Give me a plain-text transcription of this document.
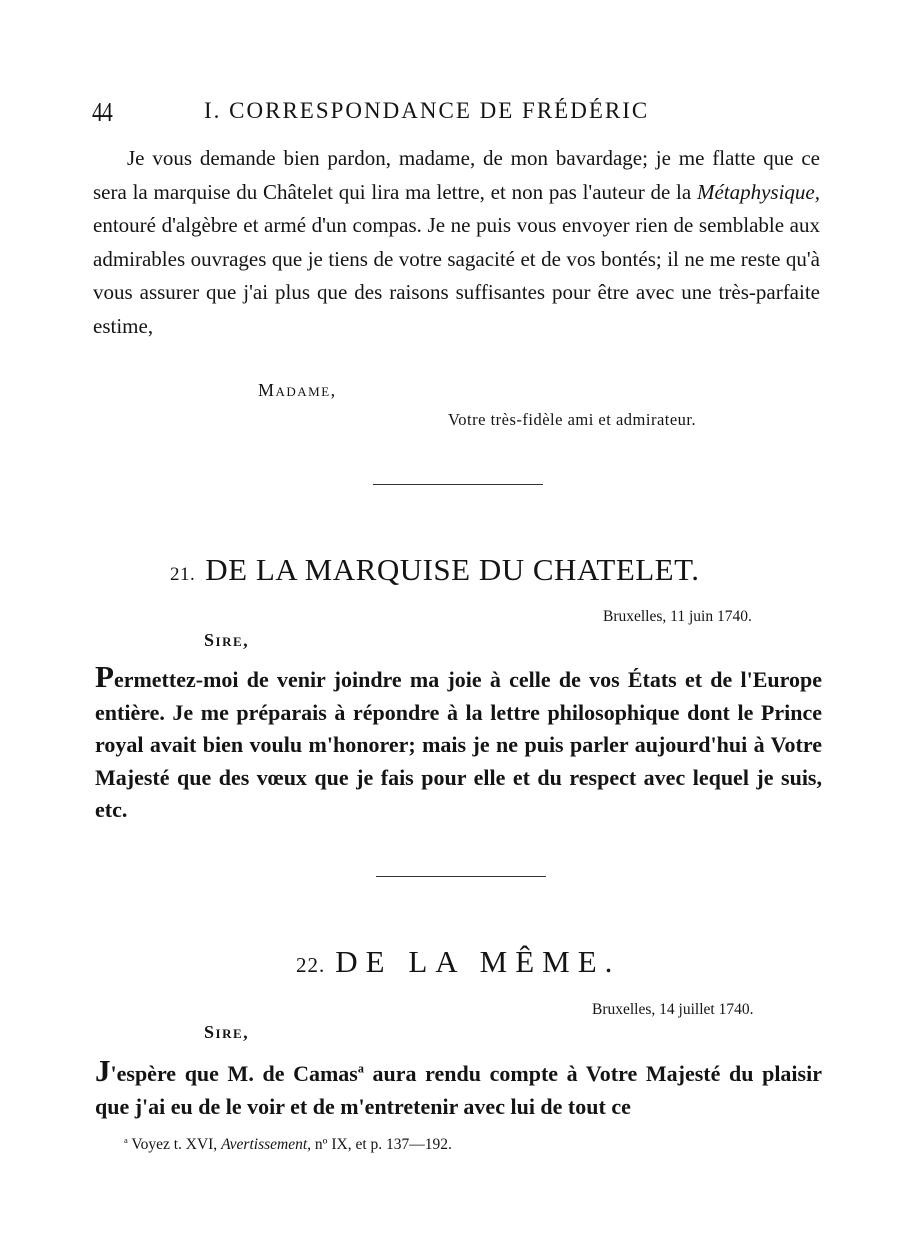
44	I. CORRESPONDANCE DE FRÉDÉRIC
Je vous demande bien pardon, madame, de mon bavardage; je me flatte que ce sera la marquise du Châtelet qui lira ma lettre, et non pas l'auteur de la Métaphysique, entouré d'algèbre et armé d'un compas. Je ne puis vous envoyer rien de semblable aux admirables ouvrages que je tiens de votre sagacité et de vos bontés; il ne me reste qu'à vous assurer que j'ai plus que des raisons suffisantes pour être avec une très-parfaite estime,
Madame,
Votre très-fidèle ami et admirateur.
21. DE LA MARQUISE DU CHATELET.
Bruxelles, 11 juin 1740.
Sire,
Permettez-moi de venir joindre ma joie à celle de vos États et de l'Europe entière. Je me préparais à répondre à la lettre philosophique dont le Prince royal avait bien voulu m'honorer; mais je ne puis parler aujourd'hui à Votre Majesté que des vœux que je fais pour elle et du respect avec lequel je suis, etc.
22. DE LA MÊME.
Bruxelles, 14 juillet 1740.
Sire,
J'espère que M. de Camas$^a$ aura rendu compte à Votre Majesté du plaisir que j'ai eu de le voir et de m'entretenir avec lui de tout ce
$^a$ Voyez t. XVI, Avertissement, nº IX, et p. 137—192.
